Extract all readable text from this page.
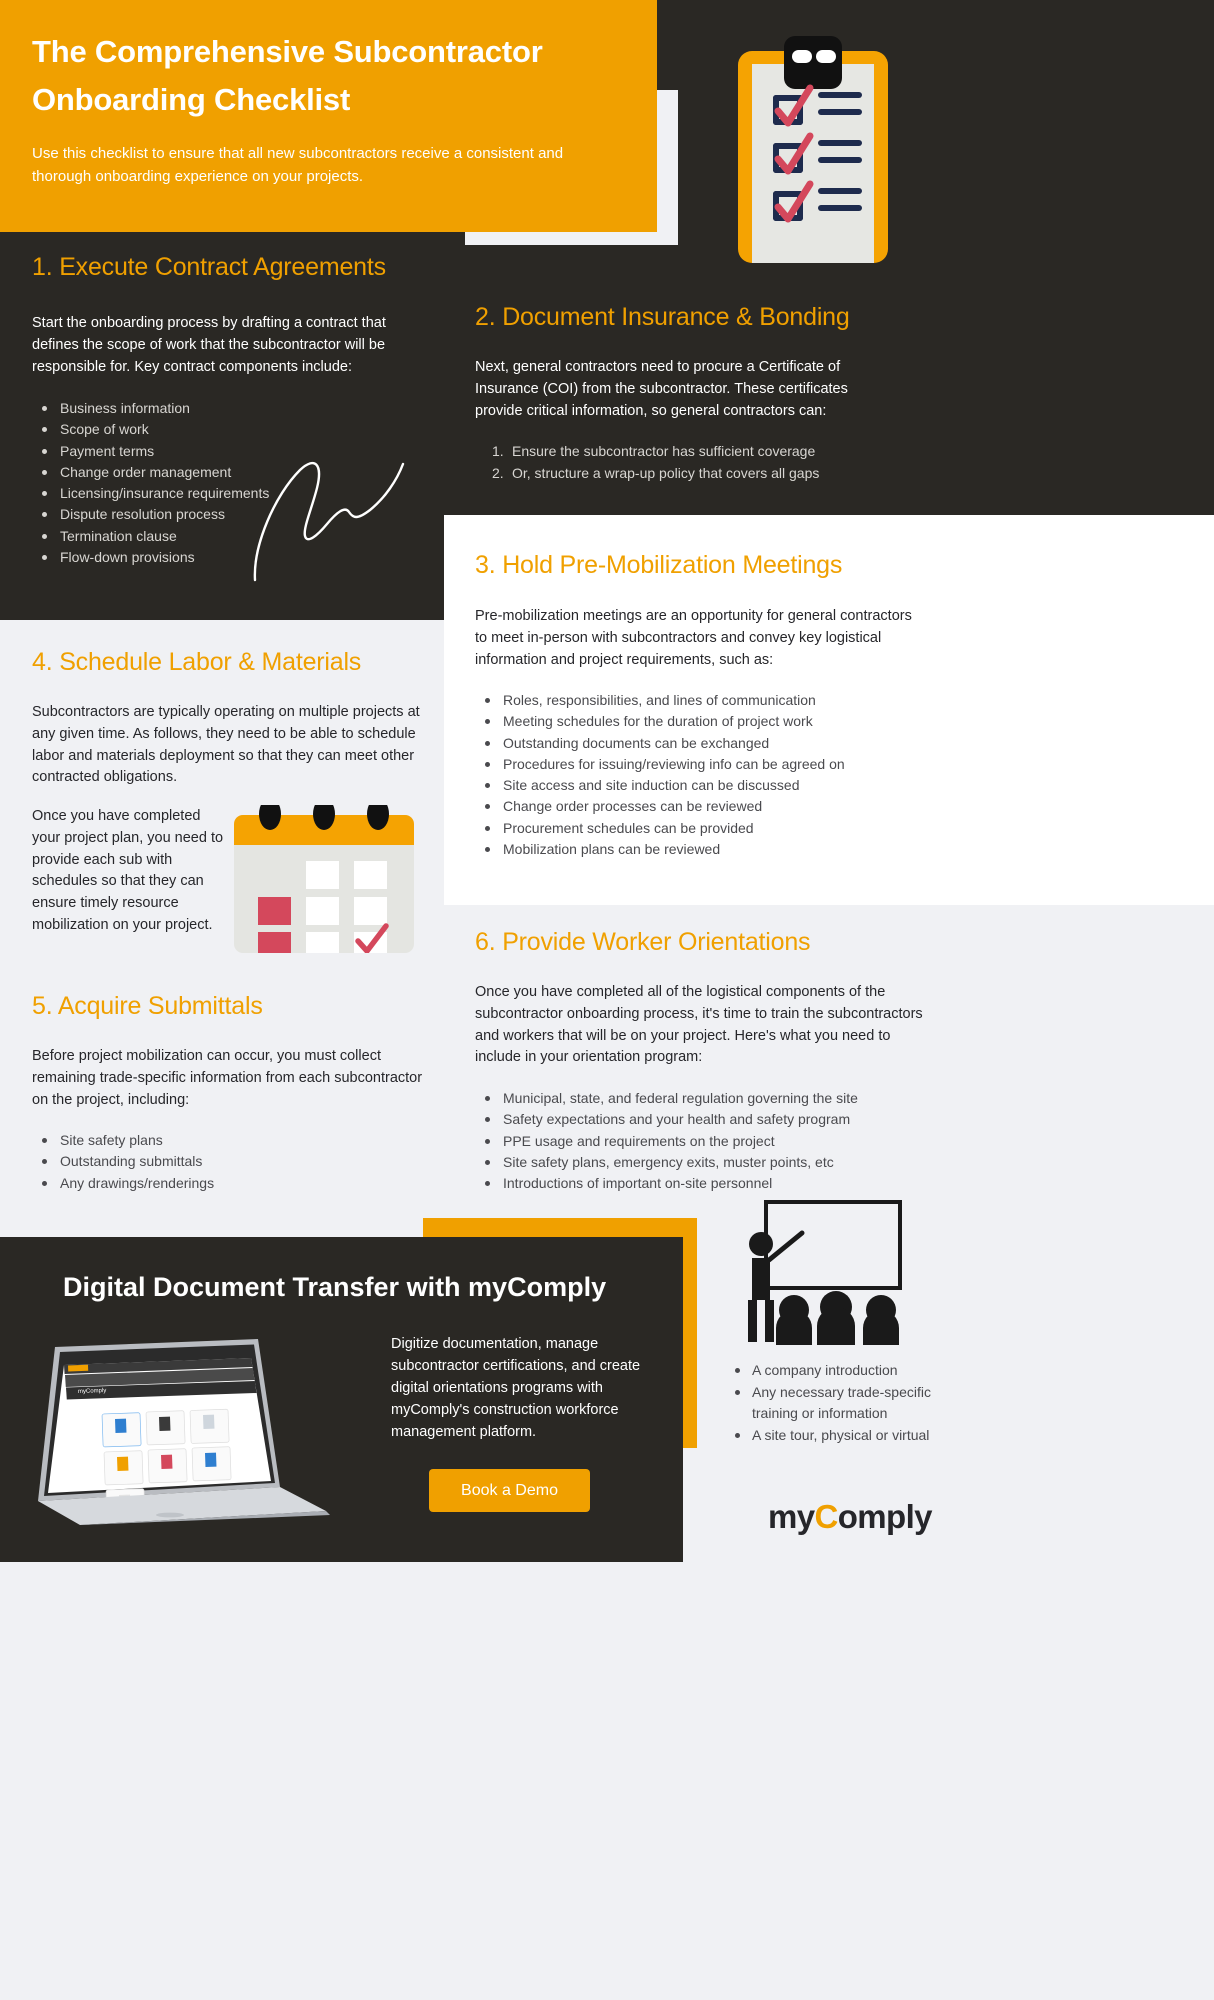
The Comprehensive Subcontractor Onboarding Checklist

Use this checklist to ensure that all new subcontractors receive a consistent and thorough onboarding experience on your projects.

1. Execute Contract Agreements

Start the onboarding process by drafting a contract that defines the scope of work that the subcontractor will be responsible for. Key contract components include:

Business information
Scope of work
Payment terms
Change order management
Licensing/insurance requirements
Dispute resolution process
Termination clause
Flow-down provisions
2. Document Insurance & Bonding

Next, general contractors need to procure a Certificate of Insurance (COI) from the subcontractor. These certificates provide critical information, so general contractors can:

Ensure the subcontractor has sufficient coverage
Or, structure a wrap-up policy that covers all gaps
3. Hold Pre-Mobilization Meetings

Pre-mobilization meetings are an opportunity for general contractors to meet in-person with subcontractors and convey key logistical information and project requirements, such as:

Roles, responsibilities, and lines of communication
Meeting schedules for the duration of project work
Outstanding documents can be exchanged
Procedures for issuing/reviewing info can be agreed on
Site access and site induction can be discussed
Change order processes can be reviewed
Procurement schedules can be provided
Mobilization plans can be reviewed
4. Schedule Labor & Materials

Subcontractors are typically operating on multiple projects at any given time. As follows, they need to be able to schedule labor and materials deployment so that they can meet other contracted obligations.

Once you have completed your project plan, you need to provide each sub with schedules so that they can ensure timely resource mobilization on your project.

5. Acquire Submittals

Before project mobilization can occur, you must collect remaining trade-specific information from each subcontractor on the project, including:

Site safety plans
Outstanding submittals
Any drawings/renderings
6. Provide Worker Orientations

Once you have completed all of the logistical components of the subcontractor onboarding process, it's time to train the subcontractors and workers that will be on your project. Here's what you need to include in your orientation program:

Municipal, state, and federal regulation governing the site
Safety expectations and your health and safety program
PPE usage and requirements on the project
Site safety plans, emergency exits, muster points, etc
Introductions of important on-site personnel
Digital Document Transfer with myComply

Digitize documentation, manage subcontractor certifications, and create digital orientations programs with myComply's construction workforce management platform.

Book a Demo
myComply
A company introduction
Any necessary trade-specific training or information
A site tour, physical or virtual
myComply
